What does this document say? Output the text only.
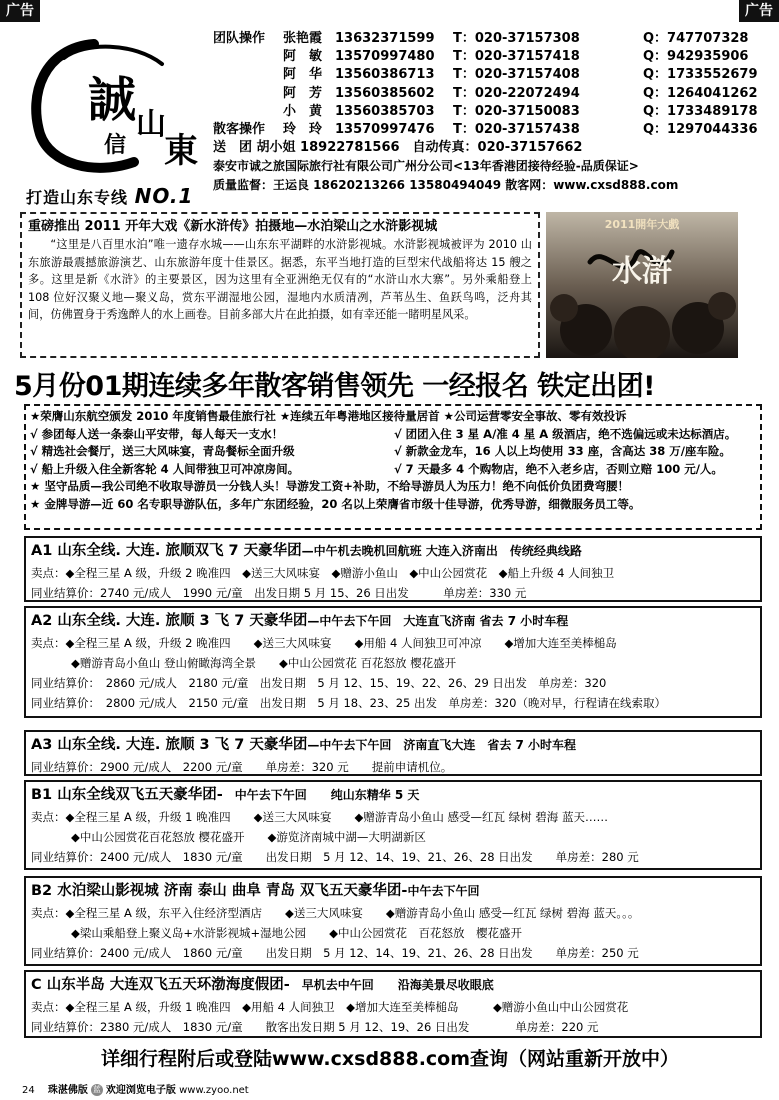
广告	广告
誠
信
山
東
打造山东专线 NO.1
团队操作 张艳霞 13632371599 T：020-37157308	Q：747707328
阿　敏 13570997480 T：020-37157418	Q：942935906
阿　华 13560386713 T：020-37157408	Q：1733552679
阿　芳 13560385602 T：020-22072494	Q：1264041262
小　黄 13560385703 T：020-37150083	Q：1733489178
散客操作 玲　玲 13570997476 T：020-37157438	Q：1297044336
送　团 胡小姐 18922781566　自动传真：020-37157662
泰安市诚之旅国际旅行社有限公司广州分公司<13年香港团接待经验-品质保证>
质量监督：王运良 18620213266 13580494049 散客网：www.cxsd888.com
重磅推出 2011 开年大戏《新水浒传》拍摄地—水泊梁山之水浒影视城
“这里是八百里水泊”唯一遗存水城——山东东平湖畔的水浒影视城。水浒影视城被评为 2010 山东旅游最震撼旅游演艺、山东旅游年度十佳景区。据悉，东平当地打造的巨型宋代战船将达 15 艘之多。这里是新《水浒》的主要景区，因为这里有全亚洲绝无仅有的“水浒山水大寨”。另外乘船登上 108 位好汉聚义地—聚义岛，赏东平湖湿地公园，湿地内水质清冽，芦苇丛生、鱼跃鸟鸣，泛舟其间，仿佛置身于秀逸醉人的水上画卷。目前多部大片在此拍摄，如有幸还能一睹明星风采。
2011開年大戲
水滸
5月份01期连续多年散客销售领先 一经报名 铁定出团!
★荣膺山东航空颁发 2010 年度销售最佳旅行社 ★连续五年粤港地区接待量居首 ★公司运营零安全事故、零有效投诉
√ 参团每人送一条泰山平安带，每人每天一支水！	√ 团团入住 3 星 A/准 4 星 A 级酒店，绝不选偏远或未达标酒店。
√ 精选社会餐厅，送三大风味宴，青岛餐标全面升级	√ 新款金龙车，16 人以上均使用 33 座，含高达 38 万/座车险。
√ 船上升级入住全新客轮 4 人间带独卫可冲凉房间。	√ 7 天最多 4 个购物店，绝不入老乡店，否则立赔 100 元/人。
★ 坚守品质—我公司绝不收取导游员一分钱人头！导游发工资+补助，不给导游员人为压力！绝不向低价负团费弯腰！
★ 金牌导游—近 60 名专职导游队伍，多年广东团经验，20 名以上荣膺省市级十佳导游，优秀导游，细微服务员工等。
A1 山东全线. 大连. 旅顺双飞 7 天豪华团—中午机去晚机回航班 大连入济南出　传统经典线路
卖点：◆全程三星 A 级，升级 2 晚准四　◆送三大风味宴　◆赠游小鱼山　◆中山公园赏花　◆船上升级 4 人间独卫
同业结算价：2740 元/成人　1990 元/童　出发日期 5 月 15、26 日出发　　　单房差：330 元
A2 山东全线. 大连. 旅顺 3 飞 7 天豪华团—中午去下午回　大连直飞济南 省去 7 小时车程
卖点：◆全程三星 A 级，升级 2 晚准四　　◆送三大风味宴　　◆用船 4 人间独卫可冲凉　　◆增加大连至美棒槌岛
◆赠游青岛小鱼山 登山俯瞰海湾全景　　◆中山公园赏花 百花怒放 樱花盛开
同业结算价：　2860 元/成人　2180 元/童　出发日期　5 月 12、15、19、22、26、29 日出发　单房差：320
同业结算价：　2800 元/成人　2150 元/童　出发日期　5 月 18、23、25 出发　单房差：320（晚对早，行程请在线索取）
A3 山东全线. 大连. 旅顺 3 飞 7 天豪华团—中午去下午回　济南直飞大连　省去 7 小时车程
同业结算价：2900 元/成人　2200 元/童　　单房差：320 元　　提前申请机位。
B1 山东全线双飞五天豪华团-　中午去下午回　　纯山东精华 5 天
卖点：◆全程三星 A 级，升级 1 晚准四　　◆送三大风味宴　　◆赠游青岛小鱼山 感受—红瓦 绿树 碧海 蓝天……
◆中山公园赏花百花怒放 樱花盛开　　◆游览济南城中湖—大明湖新区
同业结算价：2400 元/成人　1830 元/童　　出发日期　5 月 12、14、19、21、26、28 日出发　　单房差：280 元
B2 水泊梁山影视城 济南 泰山 曲阜 青岛 双飞五天豪华团-中午去下午回
卖点：◆全程三星 A 级，东平入住经济型酒店　　◆送三大风味宴　　◆赠游青岛小鱼山 感受—红瓦 绿树 碧海 蓝天。。。
◆梁山乘船登上聚义岛+水浒影视城+湿地公园　　◆中山公园赏花　百花怒放　樱花盛开
同业结算价：2400 元/成人　1860 元/童　　出发日期　5 月 12、14、19、21、26、28 日出发　　单房差：250 元
C 山东半岛 大连双飞五天环渤海度假团-　早机去中午回　　沿海美景尽收眼底
卖点：◆全程三星 A 级，升级 1 晚准四　◆用船 4 人间独卫　◆增加大连至美棒槌岛　　　◆赠游小鱼山中山公园赏花
同业结算价：2380 元/成人　1830 元/童　　散客出发日期 5 月 12、19、26 日出发　　　　单房差：220 元
详细行程附后或登陆www.cxsd888.com查询（网站重新开放中）
24　 珠湛佛版 蓝 欢迎浏览电子版 www.zyoo.net
